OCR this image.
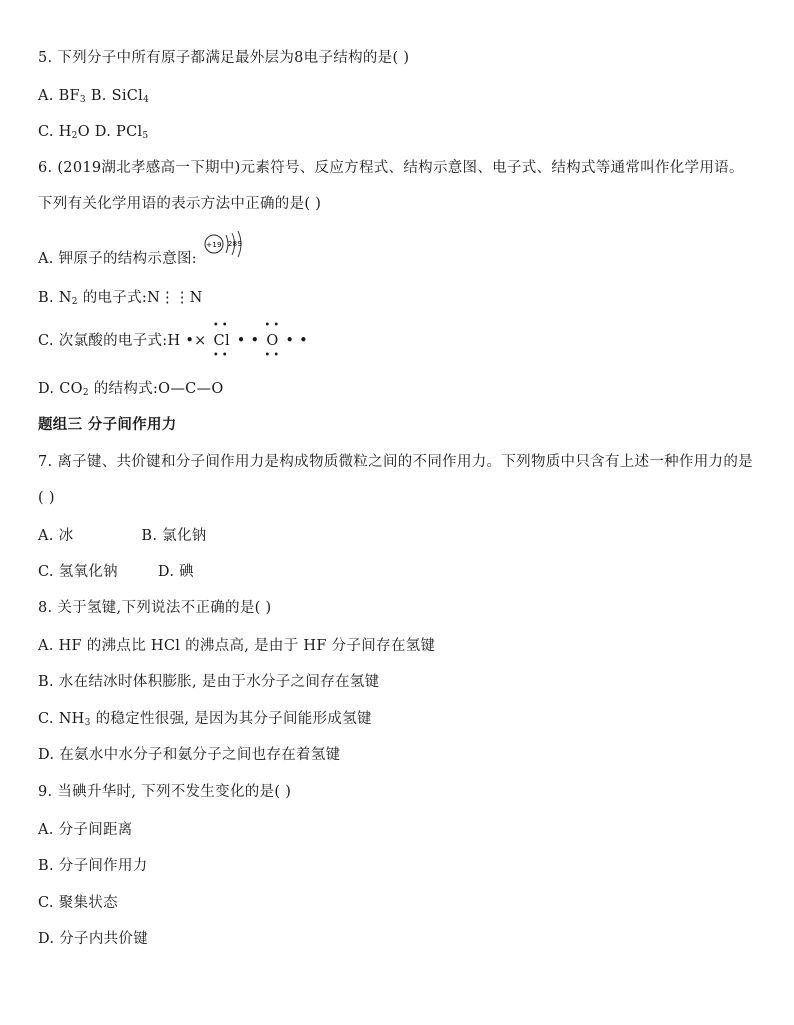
5. 下列分子中所有原子都满足最外层为8电子结构的是( )
A. $BF_3$ B. SiCl$_4$
C. $H_2O$ D. PCl$_5$
6. (2019湖北孝感高一下期中)元素符号、反应方程式、结构示意图、电子式、结构式等通常叫作化学用语。下列有关化学用语的表示方法中正确的是( )
A. 钾原子的结构示意图:
+19 289
B. $N_2$ 的电子式:N⋮⋮N
C. 次氯酸的电子式:H •×
••
Cl
••
• •
••
O
••
• •
D. $CO_2$ 的结构式:O—C—O
题组三 分子间作用力
7. 离子键、共价键和分子间作用力是构成物质微粒之间的不同作用力。下列物质中只含有上述一种作用力的是 ( )
A. 冰	B. 氯化钠
C. 氢氧化钠	D. 碘
8. 关于氢键,下列说法不正确的是( )
A. HF 的沸点比 HCl 的沸点高, 是由于 HF 分子间存在氢键
B. 水在结冰时体积膨胀, 是由于水分子之间存在氢键
C. $NH_3$ 的稳定性很强, 是因为其分子间能形成氢键
D. 在氨水中水分子和氨分子之间也存在着氢键
9. 当碘升华时, 下列不发生变化的是( )
A. 分子间距离
B. 分子间作用力
C. 聚集状态
D. 分子内共价键
